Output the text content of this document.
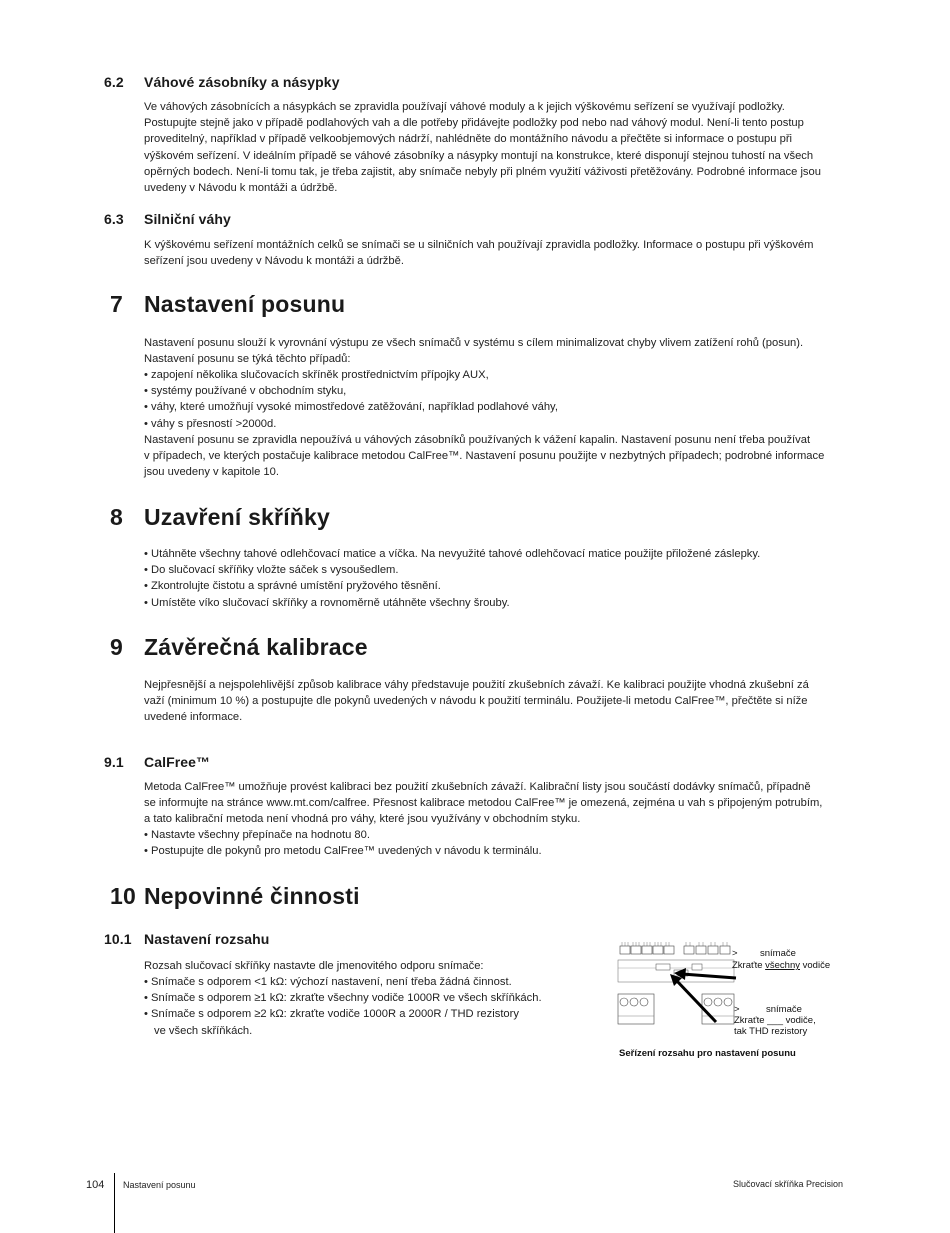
6.2	Váhové zásobníky a násypky
Ve váhových zásobnících a násypkách se zpravidla používají váhové moduly a k jejich výškovému seřízení se využívají podložky.
Postupujte stejně jako v případě podlahových vah a dle potřeby přidávejte podložky pod nebo nad váhový modul. Není-li tento postup
proveditelný, například v případě velkoobjemových nádrží, nahlédněte do montážního návodu a přečtěte si informace o postupu při
výškovém seřízení. V ideálním případě se váhové zásobníky a násypky montují na konstrukce, které disponují stejnou tuhostí na všech
opěrných bodech. Není-li tomu tak, je třeba zajistit, aby snímače nebyly při plném využití váživosti přetěžovány. Podrobné informace jsou
uvedeny v Návodu k montáži a údržbě.
6.3	Silniční váhy
K výškovému seřízení montážních celků se snímači se u silničních vah používají zpravidla podložky. Informace o postupu při výškovém
seřízení jsou uvedeny v Návodu k montáži a údržbě.
7 Nastavení posunu
Nastavení posunu slouží k vyrovnání výstupu ze všech snímačů v systému s cílem minimalizovat chyby vlivem zatížení rohů (posun).
Nastavení posunu se týká těchto případů:
• zapojení několika slučovacích skříněk prostřednictvím přípojky AUX,
• systémy používané v obchodním styku,
• váhy, které umožňují vysoké mimostředové zatěžování, například podlahové váhy,
• váhy s přesností >2000d.
Nastavení posunu se zpravidla nepoužívá u váhových zásobníků používaných k vážení kapalin. Nastavení posunu není třeba používat
v případech, ve kterých postačuje kalibrace metodou CalFree™. Nastavení posunu použijte v nezbytných případech; podrobné informace
jsou uvedeny v kapitole 10.
8 Uzavření skříňky
• Utáhněte všechny tahové odlehčovací matice a víčka. Na nevyužité tahové odlehčovací matice použijte přiložené záslepky.
• Do slučovací skříňky vložte sáček s vysoušedlem.
• Zkontrolujte čistotu a správné umístění pryžového těsnění.
• Umístěte víko slučovací skříňky a rovnoměrně utáhněte všechny šrouby.
9 Závěrečná kalibrace
Nejpřesnější a nejspolehlivější způsob kalibrace váhy představuje použití zkušebních závaží. Ke kalibraci použijte vhodná zkušební zá
važí (minimum 10 %) a postupujte dle pokynů uvedených v návodu k použití terminálu. Použijete-li metodu CalFree™, přečtěte si níže
uvedené informace.
9.1	CalFree™
Metoda CalFree™ umožňuje provést kalibraci bez použití zkušebních závaží. Kalibrační listy jsou součástí dodávky snímačů, případně
se informujte na stránce www.mt.com/calfree. Přesnost kalibrace metodou CalFree™ je omezená, zejména u vah s připojeným potrubím,
a tato kalibrační metoda není vhodná pro váhy, které jsou využívány v obchodním styku.
• Nastavte všechny přepínače na hodnotu 80.
• Postupujte dle pokynů pro metodu CalFree™ uvedených v návodu k terminálu.
10 Nepovinné činnosti
10.1 Nastavení rozsahu
Rozsah slučovací skříňky nastavte dle jmenovitého odporu snímače:
• Snímače s odporem <1 kΩ: výchozí nastavení, není třeba žádná činnost.
• Snímače s odporem ≥1 kΩ: zkraťte všechny vodiče 1000R ve všech skříňkách.
• Snímače s odporem ≥2 kΩ: zkraťte vodiče 1000R a 2000R / THD rezistory
ve všech skříňkách.
> snímače
Zkraťte všechny vodiče
>	snímače
Zkraťte ___ vodiče,
tak THD rezistory
Seřízení rozsahu pro nastavení posunu
104 Nastavení posunu	Slučovací skříňka Precision
